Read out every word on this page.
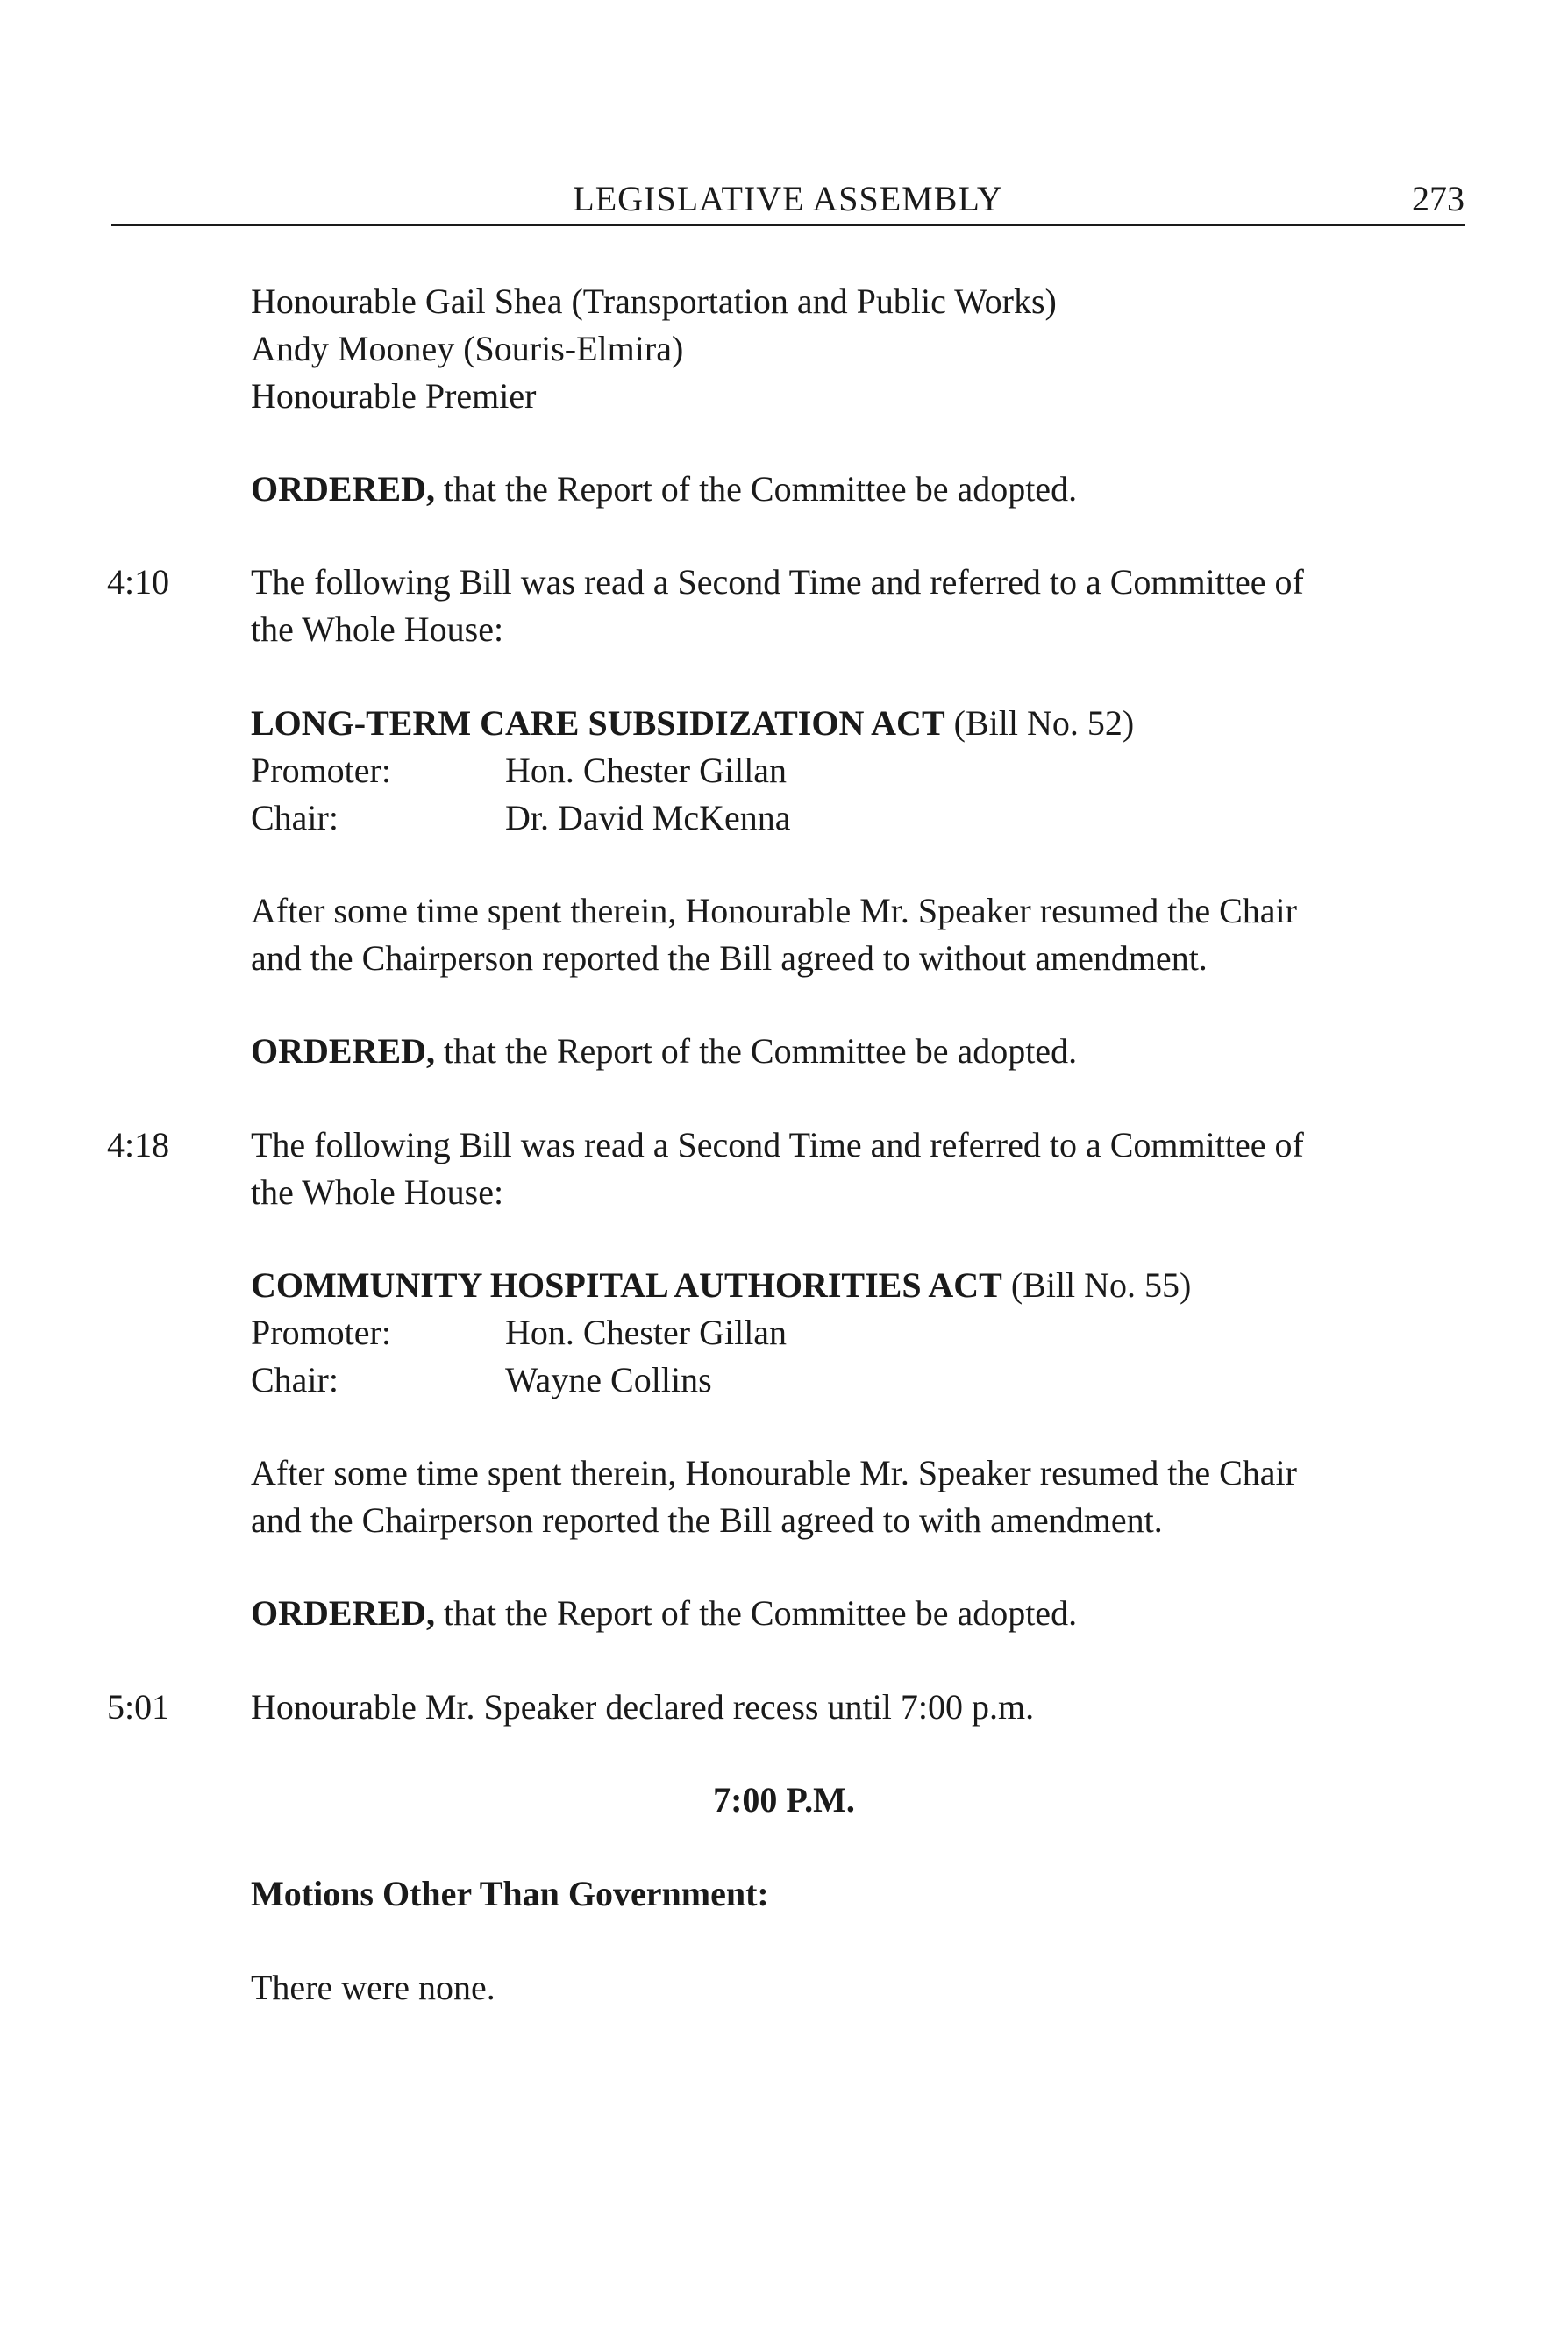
LEGISLATIVE ASSEMBLY	273
Honourable Gail Shea (Transportation and Public Works)
Andy Mooney (Souris-Elmira)
Honourable Premier
ORDERED, that the Report of the Committee be adopted.
4:10 The following Bill was read a Second Time and referred to a Committee of
the Whole House:
LONG-TERM CARE SUBSIDIZATION ACT (Bill No. 52)
Promoter:	Hon. Chester Gillan
Chair:	Dr. David McKenna
After some time spent therein, Honourable Mr. Speaker resumed the Chair
and the Chairperson reported the Bill agreed to without amendment.
ORDERED, that the Report of the Committee be adopted.
4:18 The following Bill was read a Second Time and referred to a Committee of
the Whole House:
COMMUNITY HOSPITAL AUTHORITIES ACT (Bill No. 55)
Promoter:	Hon. Chester Gillan
Chair:	Wayne Collins
After some time spent therein, Honourable Mr. Speaker resumed the Chair
and the Chairperson reported the Bill agreed to with amendment.
ORDERED, that the Report of the Committee be adopted.
5:01 Honourable Mr. Speaker declared recess until 7:00 p.m.
7:00 P.M.
Motions Other Than Government:
There were none.
